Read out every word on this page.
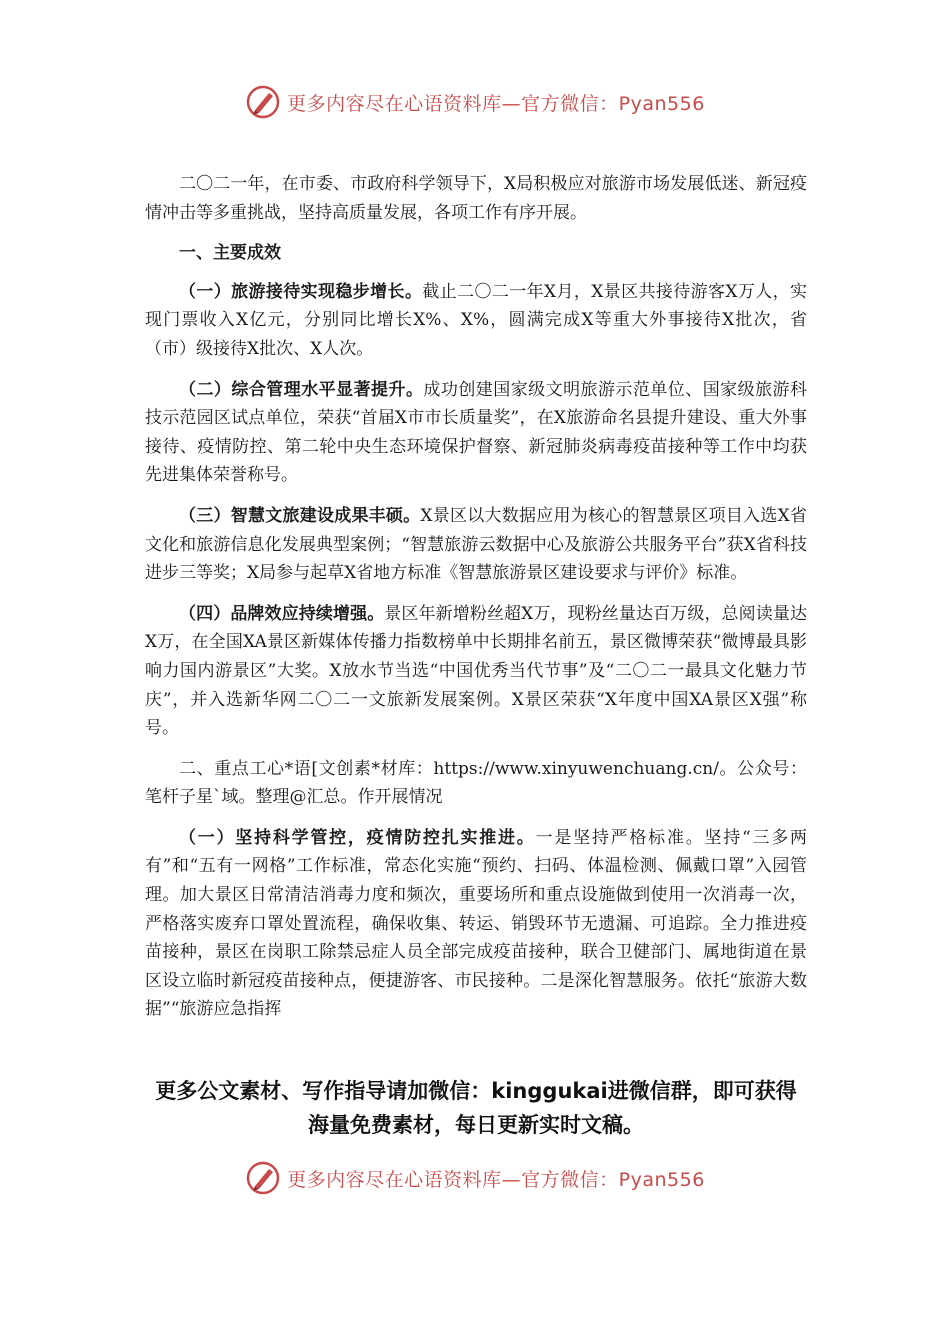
更多内容尽在心语资料库—官方微信：Pyan556

二〇二一年，在市委、市政府科学领导下，X局积极应对旅游市场发展低迷、新冠疫情冲击等多重挑战，坚持高质量发展，各项工作有序开展。

一、主要成效

（一）旅游接待实现稳步增长。截止二〇二一年X月，X景区共接待游客X万人，实现门票收入X亿元，分别同比增长X%、X%，圆满完成X等重大外事接待X批次，省（市）级接待X批次、X人次。

（二）综合管理水平显著提升。成功创建国家级文明旅游示范单位、国家级旅游科技示范园区试点单位，荣获“首届X市市长质量奖”，在X旅游命名县提升建设、重大外事接待、疫情防控、第二轮中央生态环境保护督察、新冠肺炎病毒疫苗接种等工作中均获先进集体荣誉称号。

（三）智慧文旅建设成果丰硕。X景区以大数据应用为核心的智慧景区项目入选X省文化和旅游信息化发展典型案例；“智慧旅游云数据中心及旅游公共服务平台”获X省科技进步三等奖；X局参与起草X省地方标准《智慧旅游景区建设要求与评价》标准。

（四）品牌效应持续增强。景区年新增粉丝超X万，现粉丝量达百万级，总阅读量达X万，在全国XA景区新媒体传播力指数榜单中长期排名前五，景区微博荣获“微博最具影响力国内游景区”大奖。X放水节当选“中国优秀当代节事”及“二〇二一最具文化魅力节庆”，并入选新华网二〇二一文旅新发展案例。X景区荣获“X年度中国XA景区X强”称号。

二、重点工心*语[文创素*材库：https://www.xinyuwenchuang.cn/。公众号：笔杆子星`域。整理@汇总。作开展情况

（一）坚持科学管控，疫情防控扎实推进。一是坚持严格标准。坚持“三多两有”和“五有一网格”工作标准，常态化实施“预约、扫码、体温检测、佩戴口罩”入园管理。加大景区日常清洁消毒力度和频次，重要场所和重点设施做到使用一次消毒一次，严格落实废弃口罩处置流程，确保收集、转运、销毁环节无遗漏、可追踪。全力推进疫苗接种，景区在岗职工除禁忌症人员全部完成疫苗接种，联合卫健部门、属地街道在景区设立临时新冠疫苗接种点，便捷游客、市民接种。二是深化智慧服务。依托“旅游大数据”“旅游应急指挥

更多公文素材、写作指导请加微信：kinggukai进微信群，即可获得海量免费素材，每日更新实时文稿。
更多内容尽在心语资料库—官方微信：Pyan556
